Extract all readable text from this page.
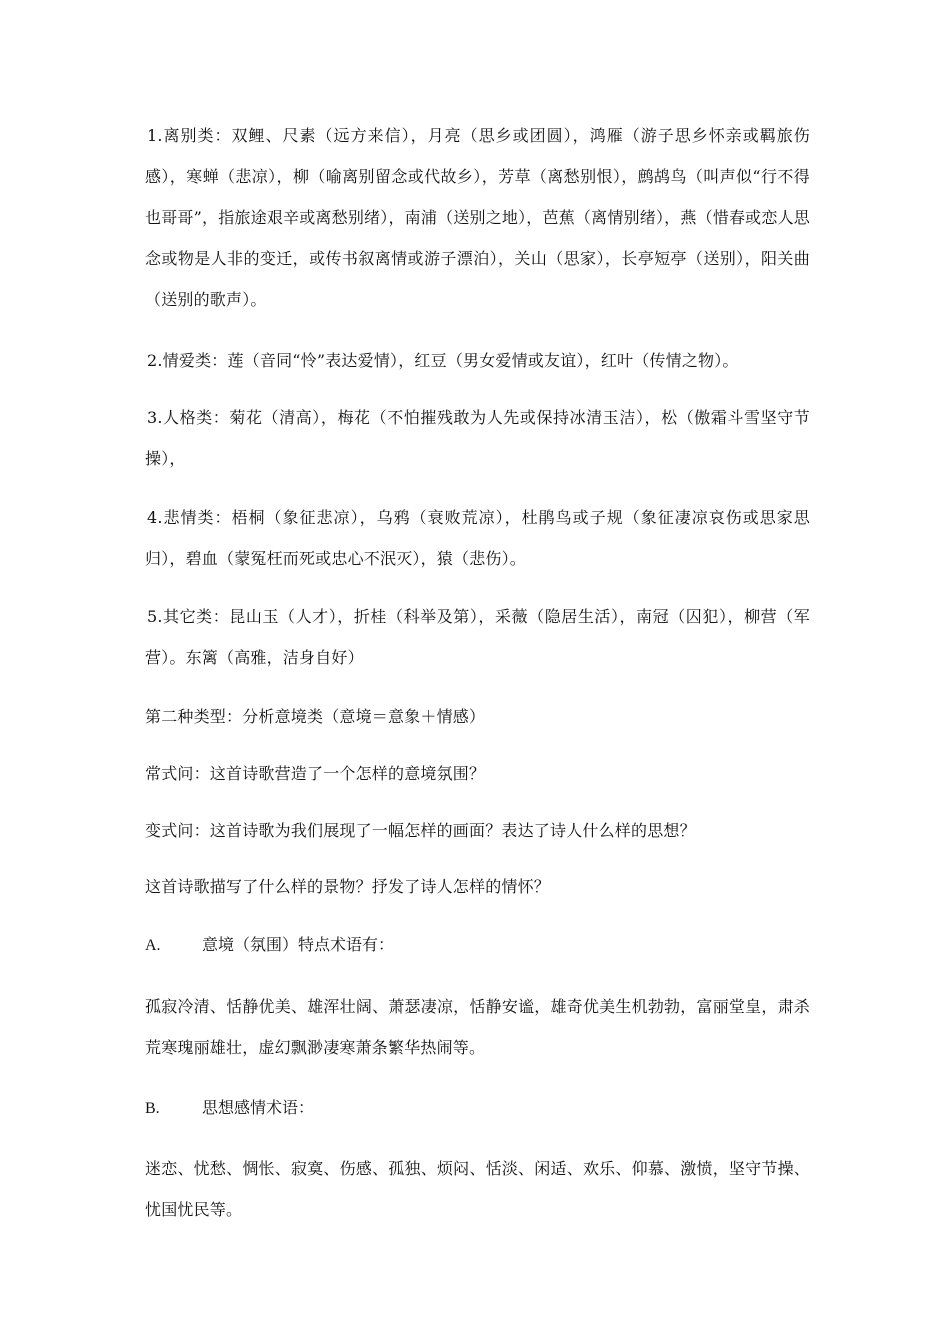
1.离别类：双鲤、尺素（远方来信），月亮（思乡或团圆），鸿雁（游子思乡怀亲或羁旅伤感），寒蝉（悲凉），柳（喻离别留念或代故乡），芳草（离愁别恨），鹧鸪鸟（叫声似“行不得也哥哥”，指旅途艰辛或离愁别绪），南浦（送别之地），芭蕉（离情别绪），燕（惜春或恋人思念或物是人非的变迁，或传书叙离情或游子漂泊），关山（思家），长亭短亭（送别），阳关曲（送别的歌声）。

2.情爱类：莲（音同“怜”表达爱情），红豆（男女爱情或友谊），红叶（传情之物）。

3.人格类：菊花（清高），梅花（不怕摧残敢为人先或保持冰清玉洁），松（傲霜斗雪坚守节操），

4.悲情类：梧桐（象征悲凉），乌鸦（衰败荒凉），杜鹃鸟或子规（象征凄凉哀伤或思家思归），碧血（蒙冤枉而死或忠心不泯灭），猿（悲伤）。

5.其它类：昆山玉（人才），折桂（科举及第），采薇（隐居生活），南冠（囚犯），柳营（军营）。东篱（高雅，洁身自好）

第二种类型：分析意境类（意境＝意象＋情感）

常式问：这首诗歌营造了一个怎样的意境氛围？

变式问：这首诗歌为我们展现了一幅怎样的画面？表达了诗人什么样的思想？

这首诗歌描写了什么样的景物？抒发了诗人怎样的情怀？

A.	意境（氛围）特点术语有：

孤寂冷清、恬静优美、雄浑壮阔、萧瑟凄凉，恬静安谧，雄奇优美生机勃勃，富丽堂皇，肃杀荒寒瑰丽雄壮，虚幻飘渺凄寒萧条繁华热闹等。

B.	思想感情术语：

迷恋、忧愁、惆怅、寂寞、伤感、孤独、烦闷、恬淡、闲适、欢乐、仰慕、激愤，坚守节操、忧国忧民等。
